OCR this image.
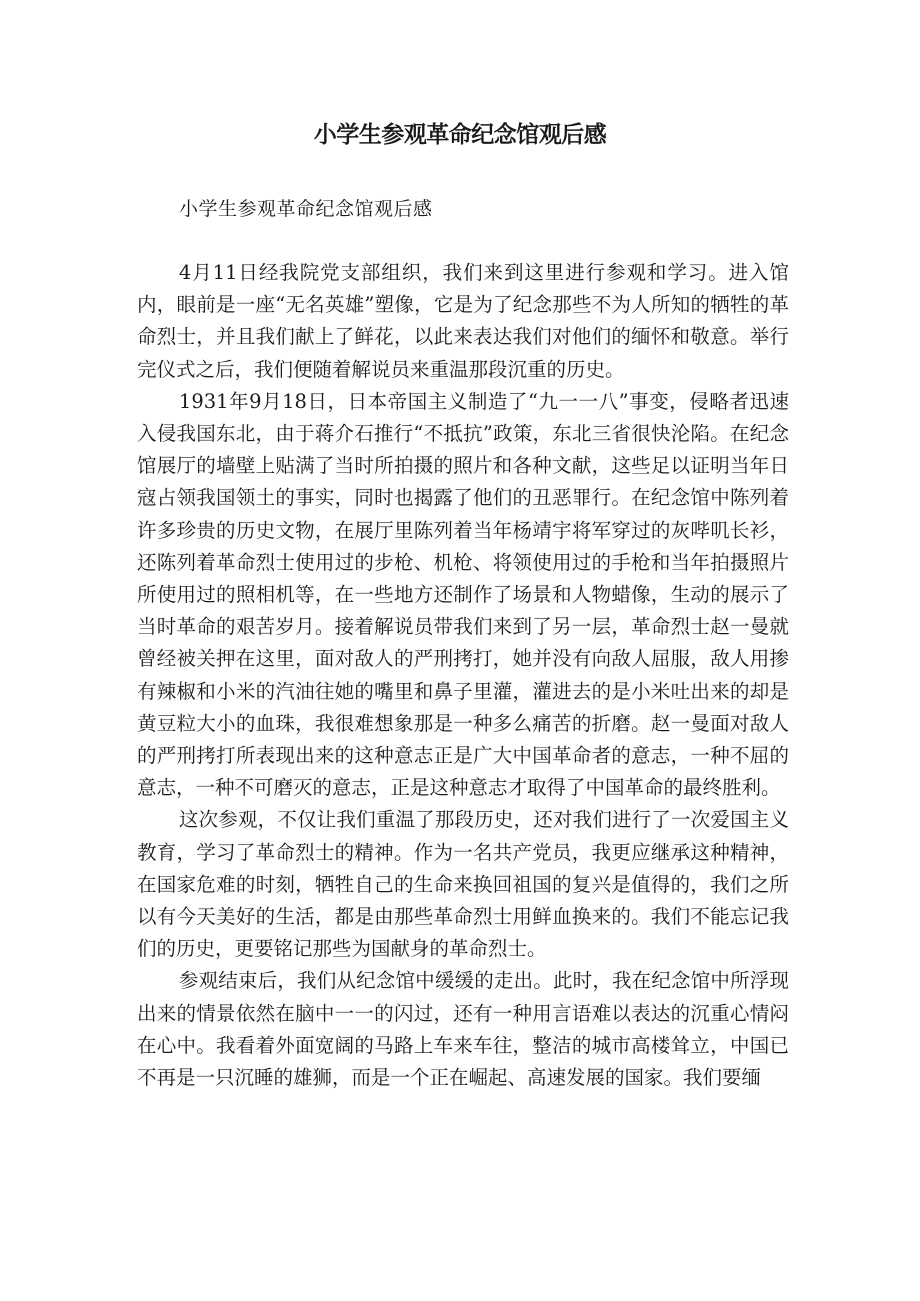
小学生参观革命纪念馆观后感

小学生参观革命纪念馆观后感

4月11日经我院党支部组织，我们来到这里进行参观和学习。进入馆内，眼前是一座“无名英雄”塑像，它是为了纪念那些不为人所知的牺牲的革命烈士，并且我们献上了鲜花，以此来表达我们对他们的缅怀和敬意。举行完仪式之后，我们便随着解说员来重温那段沉重的历史。

1931年9月18日，日本帝国主义制造了“九一一八”事变，侵略者迅速入侵我国东北，由于蒋介石推行“不抵抗”政策，东北三省很快沦陷。在纪念馆展厅的墙壁上贴满了当时所拍摄的照片和各种文献，这些足以证明当年日寇占领我国领土的事实，同时也揭露了他们的丑恶罪行。在纪念馆中陈列着许多珍贵的历史文物，在展厅里陈列着当年杨靖宇将军穿过的灰哔叽长衫，还陈列着革命烈士使用过的步枪、机枪、将领使用过的手枪和当年拍摄照片所使用过的照相机等，在一些地方还制作了场景和人物蜡像，生动的展示了当时革命的艰苦岁月。接着解说员带我们来到了另一层，革命烈士赵一曼就曾经被关押在这里，面对敌人的严刑拷打，她并没有向敌人屈服，敌人用掺有辣椒和小米的汽油往她的嘴里和鼻子里灌，灌进去的是小米吐出来的却是黄豆粒大小的血珠，我很难想象那是一种多么痛苦的折磨。赵一曼面对敌人的严刑拷打所表现出来的这种意志正是广大中国革命者的意志，一种不屈的意志，一种不可磨灭的意志，正是这种意志才取得了中国革命的最终胜利。

这次参观，不仅让我们重温了那段历史，还对我们进行了一次爱国主义教育，学习了革命烈士的精神。作为一名共产党员，我更应继承这种精神，在国家危难的时刻，牺牲自己的生命来换回祖国的复兴是值得的，我们之所以有今天美好的生活，都是由那些革命烈士用鲜血换来的。我们不能忘记我们的历史，更要铭记那些为国献身的革命烈士。

参观结束后，我们从纪念馆中缓缓的走出。此时，我在纪念馆中所浮现出来的情景依然在脑中一一的闪过，还有一种用言语难以表达的沉重心情闷在心中。我看着外面宽阔的马路上车来车往，整洁的城市高楼耸立，中国已不再是一只沉睡的雄狮，而是一个正在崛起、高速发展的国家。我们要缅
